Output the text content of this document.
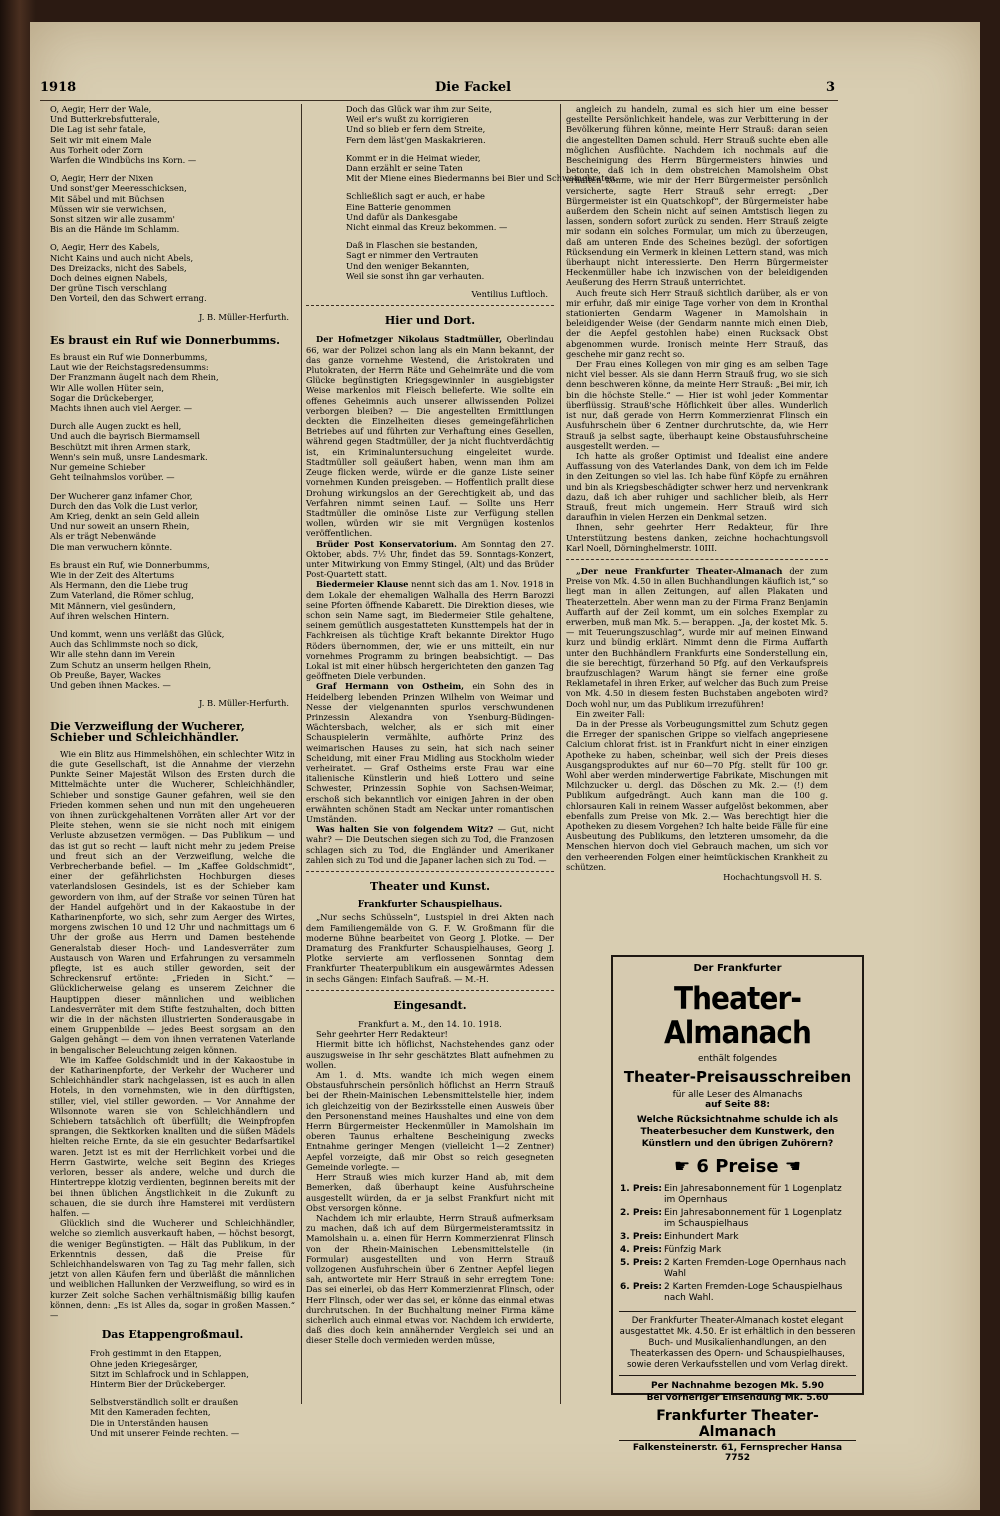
1918	Die Fackel	3

O, Aegir, Herr der Wale,

Und Butterkrebsfutterale,

Die Lag ist sehr fatale,

Seit wir mit einem Male

Aus Torheit oder Zorn

Warfen die Windbüchs ins Korn. —

O, Aegir, Herr der Nixen

Und sonst'ger Meeresschicksen,

Mit Säbel und mit Büchsen

Müssen wir sie verwichsen,

Sonst sitzen wir alle zusamm'

Bis an die Hände im Schlamm.

O, Aegir, Herr des Kabels,

Nicht Kains und auch nicht Abels,

Des Dreizacks, nicht des Sabels,

Doch deines eignen Nabels,

Der grüne Tisch verschlang

Den Vorteil, den das Schwert errang.

J. B. Müller-Herfurth.

Es braust ein Ruf wie Donnerbumms.

Es braust ein Ruf wie Donnerbumms,

Laut wie der Reichstagsredensumms:

Der Franzmann äugelt nach dem Rhein,

Wir Alle wollen Hüter sein,

Sogar die Drückeberger,

Machts ihnen auch viel Aerger. —

Durch alle Augen zuckt es hell,

Und auch die bayrisch Biermamsell

Beschützt mit ihren Armen stark,

Wenn's sein muß, unsre Landesmark.

Nur gemeine Schieber

Geht teilnahmslos vorüber. —

Der Wucherer ganz infamer Chor,

Durch den das Volk die Lust verlor,

Am Krieg, denkt an sein Geld allein

Und nur soweit an unsern Rhein,

Als er trägt Nebenwände

Die man verwuchern könnte.

Es braust ein Ruf, wie Donnerbumms,

Wie in der Zeit des Altertums

Als Hermann, den die Liebe trug

Zum Vaterland, die Römer schlug,

Mit Männern, viel gesündern,

Auf ihren welschen Hintern.

Und kommt, wenn uns verläßt das Glück,

Auch das Schlimmste noch so dick,

Wir alle stehn dann im Verein

Zum Schutz an unserm heilgen Rhein,

Ob Preuße, Bayer, Wackes

Und geben ihnen Mackes. —

J. B. Müller-Herfurth.

Die Verzweiflung der Wucherer, Schieber und Schleichhändler.

Wie ein Blitz aus Himmelshöhen, ein schlechter Witz in die gute Gesellschaft, ist die Annahme der vierzehn Punkte Seiner Majestät Wilson des Ersten durch die Mittelmächte unter die Wucherer, Schleichhändler, Schieber und sonstige Gauner gefahren, weil sie den Frieden kommen sehen und nun mit den ungeheueren von ihnen zurückgehaltenen Vorräten aller Art vor der Pleite stehen, wenn sie sie nicht noch mit einigem Verluste abzusetzen vermögen. — Das Publikum — und das ist gut so recht — lauft nicht mehr zu jedem Preise und freut sich an der Verzweiflung, welche die Verbrecherbande befiel. — Im „Kaffee Goldschmidt“, einer der gefährlichsten Hochburgen dieses vaterlandslosen Gesindels, ist es der Schieber kam gewordern von ihm, auf der Straße vor seinen Türen hat der Handel aufgehört und in der Kakaostube in der Katharinenpforte, wo sich, sehr zum Aerger des Wirtes, morgens zwischen 10 und 12 Uhr und nachmittags um 6 Uhr der große aus Herrn und Damen bestehende Generalstab dieser Hoch- und Landesverräter zum Austausch von Waren und Erfahrungen zu versammeln pflegte, ist es auch stiller geworden, seit der Schreckensruf ertönte: „Frieden in Sicht.“ — Glücklicherweise gelang es unserem Zeichner die Hauptippen dieser männlichen und weiblichen Landesverräter mit dem Stifte festzuhalten, doch bitten wir die in der nächsten illustrierten Sonderausgabe in einem Gruppenbilde — jedes Beest sorgsam an den Galgen gehängt — dem von ihnen verratenen Vaterlande in bengalischer Beleuchtung zeigen können.

Wie im Kaffee Goldschmidt und in der Kakaostube in der Katharinenpforte, der Verkehr der Wucherer und Schleichhändler stark nachgelassen, ist es auch in allen Hotels, in den vornehmsten, wie in den dürftigsten, stiller, viel, viel stiller geworden. — Vor Annahme der Wilsonnote waren sie von Schleichhändlern und Schiebern tatsächlich oft überfüllt; die Weinpfropfen sprangen, die Sektkorken knallten und die süßen Mädels hielten reiche Ernte, da sie ein gesuchter Bedarfsartikel waren. Jetzt ist es mit der Herrlichkeit vorbei und die Herrn Gastwirte, welche seit Beginn des Krieges verloren, besser als andere, welche und durch die Hintertreppe klotzig verdienten, beginnen bereits mit der bei ihnen üblichen Ängstlichkeit in die Zukunft zu schauen, die sie durch ihre Hamsterei mit verdüstern halfen. —

Glücklich sind die Wucherer und Schleichhändler, welche so ziemlich ausverkauft haben, — höchst besorgt, die weniger Begünstigten. — Hält das Publikum, in der Erkenntnis dessen, daß die Preise für Schleichhandelswaren von Tag zu Tag mehr fallen, sich jetzt von allen Käufen fern und überläßt die männlichen und weiblichen Hallunken der Verzweiflung, so wird es in kurzer Zeit solche Sachen verhältnismäßig billig kaufen können, denn: „Es ist Alles da, sogar in großen Massen.“ —

Das Etappengroßmaul.

Froh gestimmt in den Etappen,

Ohne jeden Kriegesärger,

Sitzt im Schlafrock und in Schlappen,

Hinterm Bier der Drückeberger.

Selbstverständlich sollt er draußen

Mit den Kameraden fechten,

Die in Unterständen hausen

Und mit unserer Feinde rechten. —

Doch das Glück war ihm zur Seite,

Weil er's wußt zu korrigieren

Und so blieb er fern dem Streite,

Fern dem läst'gen Maskakrieren.

Kommt er in die Heimat wieder,

Dann erzählt er seine Taten

Mit der Miene eines Biedermanns bei Bier und Schweinebraten. —

Schließlich sagt er auch, er habe

Eine Batterie genommen

Und dafür als Dankesgabe

Nicht einmal das Kreuz bekommen. —

Daß in Flaschen sie bestanden,

Sagt er nimmer den Vertrauten

Und den weniger Bekannten,

Weil sie sonst ihn gar verhauten.

Ventilius Luftloch.

Hier und Dort.

Der Hofmetzger Nikolaus Stadtmüller, Oberlindau 66, war der Polizei schon lang als ein Mann bekannt, der das ganze vornehme Westend, die Aristokraten und Plutokraten, der Herrn Räte und Geheimräte und die vom Glücke begünstigten Kriegsgewinnler in ausgiebigster Weise markenlos mit Fleisch belieferte. Wie sollte ein offenes Geheimnis auch unserer allwissenden Polizei verborgen bleiben? — Die angestellten Ermittlungen deckten die Einzelheiten dieses gemeingefährlichen Betriebes auf und führten zur Verhaftung eines Gesellen, während gegen Stadtmüller, der ja nicht fluchtverdächtig ist, ein Kriminaluntersuchung eingeleitet wurde. Stadtmüller soll geäußert haben, wenn man ihm am Zeuge flicken werde, würde er die ganze Liste seiner vornehmen Kunden preisgeben. — Hoffentlich prallt diese Drohung wirkungslos an der Gerechtigkeit ab, und das Verfahren nimmt seinen Lauf. — Sollte uns Herr Stadtmüller die ominöse Liste zur Verfügung stellen wollen, würden wir sie mit Vergnügen kostenlos veröffentlichen.

Brüder Post Konservatorium. Am Sonntag den 27. Oktober, abds. 7½ Uhr, findet das 59. Sonntags-Konzert, unter Mitwirkung von Emmy Stingel, (Alt) und das Brüder Post-Quartett statt.

Biedermeier Klause nennt sich das am 1. Nov. 1918 in dem Lokale der ehemaligen Walhalla des Herrn Barozzi seine Pforten öffnende Kabarett. Die Direktion dieses, wie schon sein Name sagt, im Biedermeier Stile gehaltene, seinem gemütlich ausgestatteten Kunsttempels hat der in Fachkreisen als tüchtige Kraft bekannte Direktor Hugo Röders übernommen, der, wie er uns mitteilt, ein nur vornehmes Programm zu bringen beabsichtigt. — Das Lokal ist mit einer hübsch hergerichteten den ganzen Tag geöffneten Diele verbunden.

Graf Hermann von Ostheim, ein Sohn des in Heidelberg lebenden Prinzen Wilhelm von Weimar und Nesse der vielgenannten spurlos verschwundenen Prinzessin Alexandra von Ysenburg-Büdingen-Wächtersbach, welcher, als er sich mit einer Schauspielerin vermählte, aufhörte Prinz des weimarischen Hauses zu sein, hat sich nach seiner Scheidung, mit einer Frau Midling aus Stockholm wieder verheiratet. — Graf Ostheims erste Frau war eine italienische Künstlerin und hieß Lottero und seine Schwester, Prinzessin Sophie von Sachsen-Weimar, erschoß sich bekanntlich vor einigen Jahren in der oben erwähnten schönen Stadt am Neckar unter romantischen Umständen.

Was halten Sie von folgendem Witz? — Gut, nicht wahr? — Die Deutschen siegen sich zu Tod, die Franzosen schlagen sich zu Tod, die Engländer und Amerikaner zahlen sich zu Tod und die Japaner lachen sich zu Tod. —

Theater und Kunst.
Frankfurter Schauspielhaus.

„Nur sechs Schüsseln“, Lustspiel in drei Akten nach dem Familiengemälde von G. F. W. Großmann für die moderne Bühne bearbeitet von Georg J. Plotke. — Der Dramaturg des Frankfurter Schauspielhauses, Georg J. Plotke servierte am verflossenen Sonntag dem Frankfurter Theaterpublikum ein ausgewärmtes Adessen in sechs Gängen: Einfach Saufraß. — M.-H.

Eingesandt.

Frankfurt a. M., den 14. 10. 1918.

Sehr geehrter Herr Redakteur!

Hiermit bitte ich höflichst, Nachstehendes ganz oder auszugsweise in Ihr sehr geschätztes Blatt aufnehmen zu wollen.

Am 1. d. Mts. wandte ich mich wegen einem Obstausfuhrschein persönlich höflichst an Herrn Strauß bei der Rhein-Mainischen Lebensmittelstelle hier, indem ich gleichzeitig von der Bezirksstelle einen Ausweis über den Personenstand meines Haushaltes und eine von dem Herrn Bürgermeister Heckenmüller in Mamolshain im oberen Taunus erhaltene Bescheinigung zwecks Entnahme geringer Mengen (vielleicht 1—2 Zentner) Aepfel vorzeigte, daß mir Obst so reich gesegneten Gemeinde vorlegte. —

Herr Strauß wies mich kurzer Hand ab, mit dem Bemerken, daß überhaupt keine Ausfuhrscheine ausgestellt würden, da er ja selbst Frankfurt nicht mit Obst versorgen könne.

Nachdem ich mir erlaubte, Herrn Strauß aufmerksam zu machen, daß ich auf dem Bürgermeisteramtssitz in Mamolshain u. a. einen für Herrn Kommerzienrat Flinsch von der Rhein-Mainischen Lebensmittelstelle (in Formular) ausgestellten und von Herrn Strauß vollzogenen Ausfuhrschein über 6 Zentner Aepfel liegen sah, antwortete mir Herr Strauß in sehr erregtem Tone: Das sei einerlei, ob das Herr Kommerzienrat Flinsch, oder Herr Flinsch, oder wer das sei, er könne das einmal etwas durchrutschen. In der Buchhaltung meiner Firma käme sicherlich auch einmal etwas vor. Nachdem ich erwiderte, daß dies doch kein annähernder Vergleich sei und an dieser Stelle doch vermieden werden müsse,

angleich zu handeln, zumal es sich hier um eine besser gestellte Persönlichkeit handele, was zur Verbitterung in der Bevölkerung führen könne, meinte Herr Strauß: daran seien die angestellten Damen schuld. Herr Strauß suchte eben alle möglichen Ausflüchte. Nachdem ich nochmals auf die Bescheinigung des Herrn Bürgermeisters hinwies und betonte, daß ich in dem obstreichen Mamolsheim Obst erhalten könne, wie mir der Herr Bürgermeister persönlich versicherte, sagte Herr Strauß sehr erregt: „Der Bürgermeister ist ein Quatschkopf“, der Bürgermeister habe außerdem den Schein nicht auf seinen Amtstisch liegen zu lassen, sondern sofort zurück zu senden. Herr Strauß zeigte mir sodann ein solches Formular, um mich zu überzeugen, daß am unteren Ende des Scheines bezügl. der sofortigen Rücksendung ein Vermerk in kleinen Lettern stand, was mich überhaupt nicht interessierte. Den Herrn Bürgermeister Heckenmüller habe ich inzwischen von der beleidigenden Aeußerung des Herrn Strauß unterrichtet.

Auch freute sich Herr Strauß sichtlich darüber, als er von mir erfuhr, daß mir einige Tage vorher von dem in Kronthal stationierten Gendarm Wagener in Mamolshain in beleidigender Weise (der Gendarm nannte mich einen Dieb, der die Aepfel gestohlen habe) einen Rucksack Obst abgenommen wurde. Ironisch meinte Herr Strauß, das geschehe mir ganz recht so.

Der Frau eines Kollegen von mir ging es am selben Tage nicht viel besser. Als sie dann Herrn Strauß frug, wo sie sich denn beschweren könne, da meinte Herr Strauß: „Bei mir, ich bin die höchste Stelle.“ — Hier ist wohl jeder Kommentar überflüssig. Strauß'sche Höflichkeit über alles. Wunderlich ist nur, daß gerade von Herrn Kommerzienrat Flinsch ein Ausfuhrschein über 6 Zentner durchrutschte, da, wie Herr Strauß ja selbst sagte, überhaupt keine Obstausfuhrscheine ausgestellt werden. —

Ich hatte als großer Optimist und Idealist eine andere Auffassung von des Vaterlandes Dank, von dem ich im Felde in den Zeitungen so viel las. Ich habe fünf Köpfe zu ernähren und bin als Kriegsbeschädigter schwer herz und nervenkrank dazu, daß ich aber ruhiger und sachlicher bleib, als Herr Strauß, freut mich ungemein. Herr Strauß wird sich daraufhin in vielen Herzen ein Denkmal setzen.

Ihnen, sehr geehrter Herr Redakteur, für Ihre Unterstützung bestens danken, zeichne hochachtungsvoll Karl Noell, Dörninghelmerstr. 10III.

„Der neue Frankfurter Theater-Almanach der zum Preise von Mk. 4.50 in allen Buchhandlungen käuflich ist,“ so liegt man in allen Zeitungen, auf allen Plakaten und Theaterzetteln. Aber wenn man zu der Firma Franz Benjamin Auffarth auf der Zeil kommt, um ein solches Exemplar zu erwerben, muß man Mk. 5.— berappen. „Ja, der kostet Mk. 5.— mit Teuerungszuschlag“, wurde mir auf meinen Einwand kurz und bündig erklärt. Nimmt denn die Firma Auffarth unter den Buchhändlern Frankfurts eine Sonderstellung ein, die sie berechtigt, fürzerhand 50 Pfg. auf den Verkaufspreis braufzuschlagen? Warum hängt sie ferner eine große Reklametafel in ihren Erker, auf welcher das Buch zum Preise von Mk. 4.50 in diesem festen Buchstaben angeboten wird? Doch wohl nur, um das Publikum irrezuführen!

Ein zweiter Fall:

Da in der Presse als Vorbeugungsmittel zum Schutz gegen die Erreger der spanischen Grippe so vielfach angepriesene Calcium chlorat frist. ist in Frankfurt nicht in einer einzigen Apotheke zu haben, scheinbar, weil sich der Preis dieses Ausgangsproduktes auf nur 60—70 Pfg. stellt für 100 gr. Wohl aber werden minderwertige Fabrikate, Mischungen mit Milchzucker u. dergl. das Döschen zu Mk. 2.— (!) dem Publikum aufgedrängt. Auch kann man die 100 g. chlorsauren Kali in reinem Wasser aufgelöst bekommen, aber ebenfalls zum Preise von Mk. 2.— Was berechtigt hier die Apotheken zu diesem Vorgehen? Ich halte beide Fälle für eine Ausbeutung des Publikums, den letzteren umsomehr, da die Menschen hiervon doch viel Gebrauch machen, um sich vor den verheerenden Folgen einer heimtückischen Krankheit zu schützen.

Hochachtungsvoll H. S.

Der Frankfurter
Theater-Almanach
enthält folgendes
Theater-Preisausschreiben
für alle Leser des Almanachs
auf Seite 88:
Welche Rücksichtnahme schulde ich als Theaterbesucher dem Kunstwerk, den Künstlern und den übrigen Zuhörern?
☛ 6 Preise ☚
1. Preis:	Ein Jahresabonnement für 1 Logenplatz im Opernhaus
2. Preis:	Ein Jahresabonnement für 1 Logenplatz im Schauspielhaus
3. Preis:	Einhundert Mark
4. Preis:	Fünfzig Mark
5. Preis:	2 Karten Fremden-Loge Opernhaus nach Wahl
6. Preis:	2 Karten Fremden-Loge Schauspielhaus nach Wahl.
Der Frankfurter Theater-Almanach kostet elegant ausgestattet Mk. 4.50. Er ist erhältlich in den besseren Buch- und Musikalienhandlungen, an den Theaterkassen des Opern- und Schauspielhauses, sowie deren Verkaufsstellen und vom Verlag direkt.
Per Nachnahme bezogen Mk. 5.90
Bei vorheriger Einsendung Mk. 5.60
Frankfurter Theater-Almanach
Falkensteinerstr. 61, Fernsprecher Hansa 7752
